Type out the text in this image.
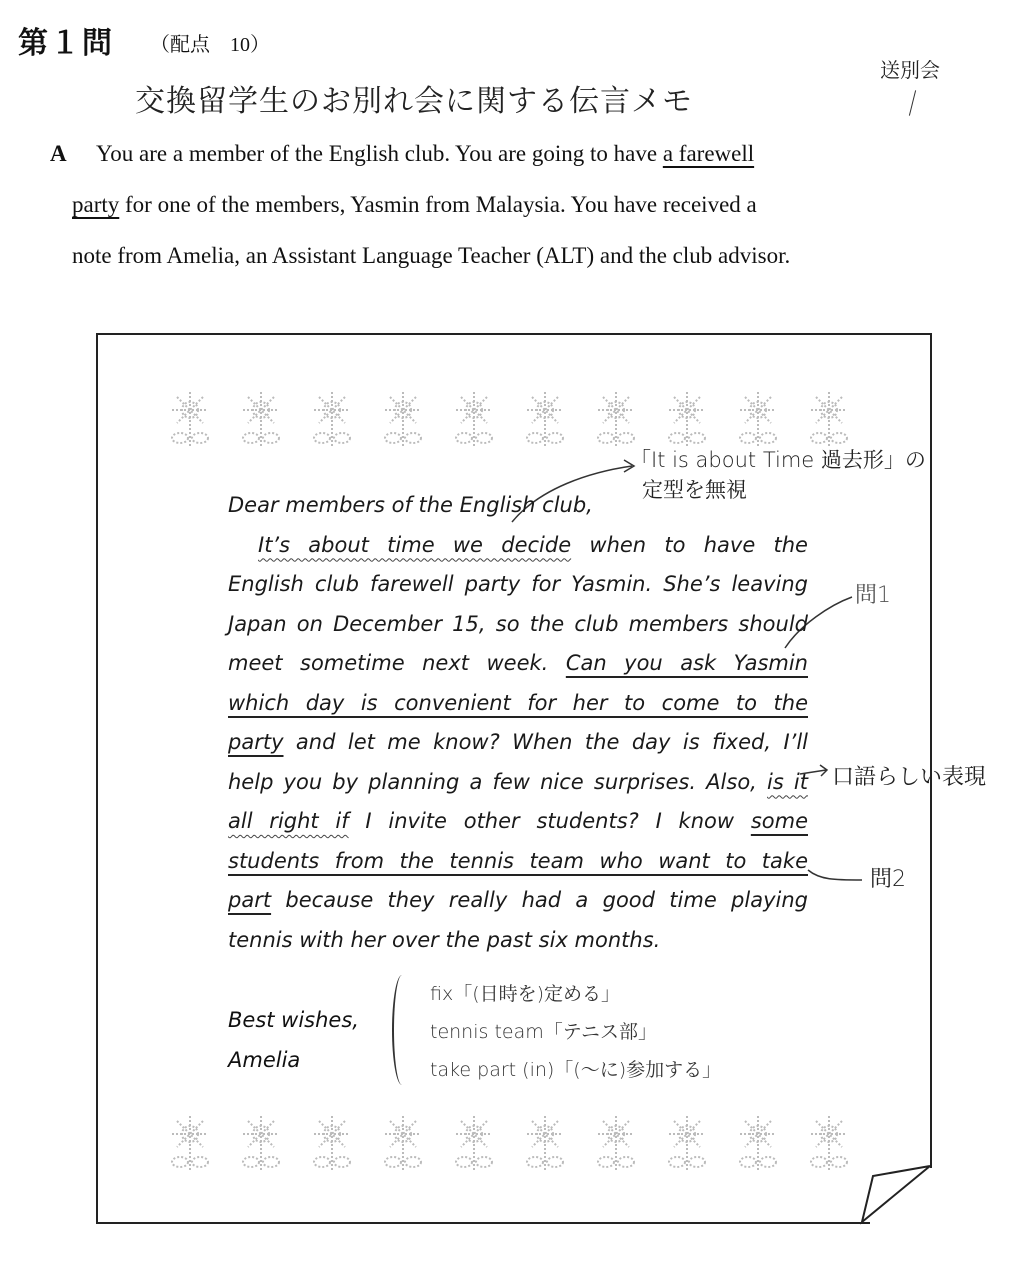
第１問 （配点　10）
交換留学生のお別れ会に関する伝言メモ
送別会
A You are a member of the English club. You are going to have a farewell
party for one of the members, Yasmin from Malaysia. You have received a
note from Amelia, an Assistant Language Teacher (ALT) and the club advisor.
Dear members of the English club,
It’s about time we decide when to have the
English club farewell party for Yasmin. She’s leaving
Japan on December 15, so the club members should
meet sometime next week. Can you ask Yasmin
which day is convenient for her to come to the
party and let me know? When the day is fixed, I’ll
help you by planning a few nice surprises. Also, is it
all right if I invite other students? I know some
students from the tennis team who want to take
part because they really had a good time playing
tennis with her over the past six months.
Best wishes,
Amelia
fix「(日時を)定める」
tennis team「テニス部」
take part (in)「(～に)参加する」
「It is about Time 過去形」の
定型を無視
問1
口語らしい表現
問2
